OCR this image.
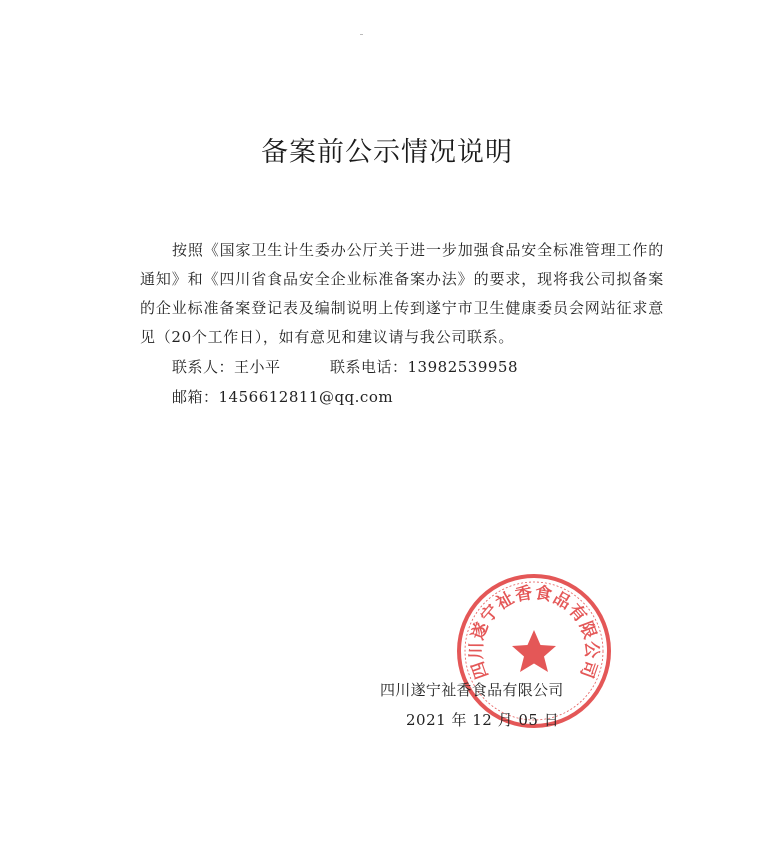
备案前公示情况说明

按照《国家卫生计生委办公厅关于进一步加强食品安全标准管理工作的通知》和《四川省食品安全企业标准备案办法》的要求，现将我公司拟备案的企业标准备案登记表及编制说明上传到遂宁市卫生健康委员会网站征求意见（20个工作日），如有意见和建议请与我公司联系。

联系人：王小平	联系电话：13982539958
邮箱：1456612811@qq.com
四川遂宁祉香食品有限公司
四川遂宁祉香食品有限公司
2021 年 12 月 05 日
